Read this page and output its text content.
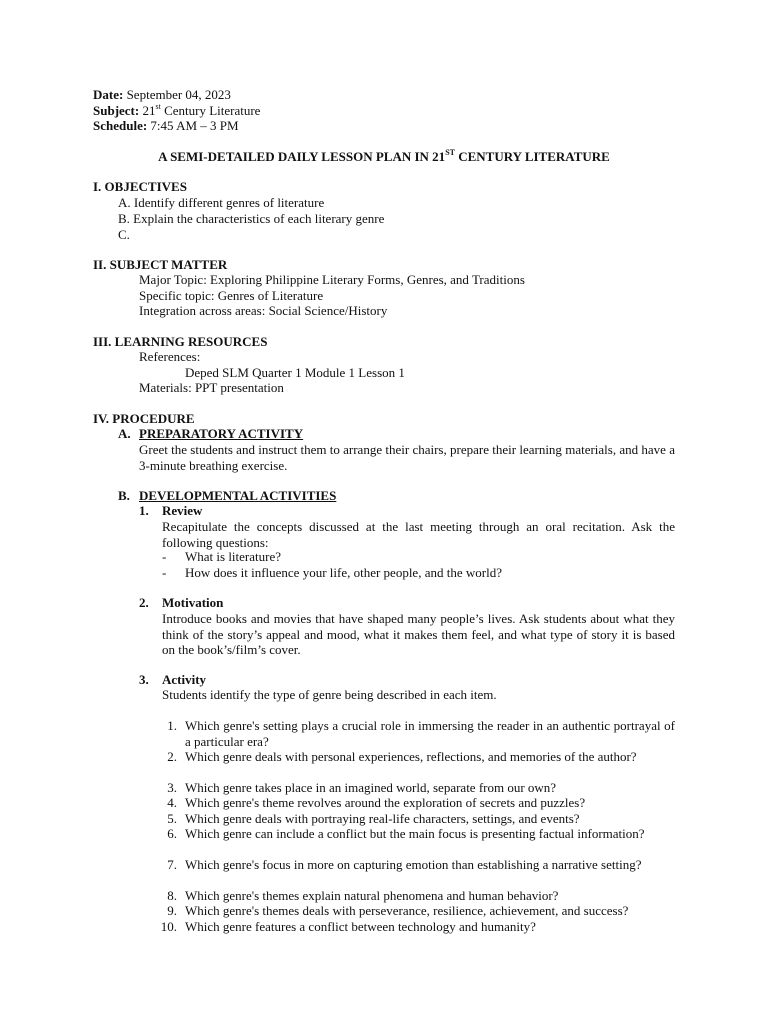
Date: September 04, 2023
Subject: 21st Century Literature
Schedule: 7:45 AM – 3 PM
A SEMI-DETAILED DAILY LESSON PLAN IN 21ST CENTURY LITERATURE
I. OBJECTIVES
A. Identify different genres of literature
B. Explain the characteristics of each literary genre
C.
II. SUBJECT MATTER
Major Topic: Exploring Philippine Literary Forms, Genres, and Traditions
Specific topic: Genres of Literature
Integration across areas: Social Science/History
III. LEARNING RESOURCES
References:
Deped SLM Quarter 1 Module 1 Lesson 1
Materials: PPT presentation
IV. PROCEDURE
A. PREPARATORY ACTIVITY
Greet the students and instruct them to arrange their chairs, prepare their learning materials, and have a 3-minute breathing exercise.
B. DEVELOPMENTAL ACTIVITIES
1. Review
Recapitulate the concepts discussed at the last meeting through an oral recitation. Ask the following questions:
- What is literature?
- How does it influence your life, other people, and the world?
2. Motivation
Introduce books and movies that have shaped many people’s lives. Ask students about what they think of the story’s appeal and mood, what it makes them feel, and what type of story it is based on the book’s/film’s cover.
3. Activity
Students identify the type of genre being described in each item.
1. Which genre's setting plays a crucial role in immersing the reader in an authentic portrayal of a particular era?
2. Which genre deals with personal experiences, reflections, and memories of the author?
3. Which genre takes place in an imagined world, separate from our own?
4. Which genre's theme revolves around the exploration of secrets and puzzles?
5. Which genre deals with portraying real-life characters, settings, and events?
6. Which genre can include a conflict but the main focus is presenting factual information?
7. Which genre's focus in more on capturing emotion than establishing a narrative setting?
8. Which genre's themes explain natural phenomena and human behavior?
9. Which genre's themes deals with perseverance, resilience, achievement, and success?
10. Which genre features a conflict between technology and humanity?
